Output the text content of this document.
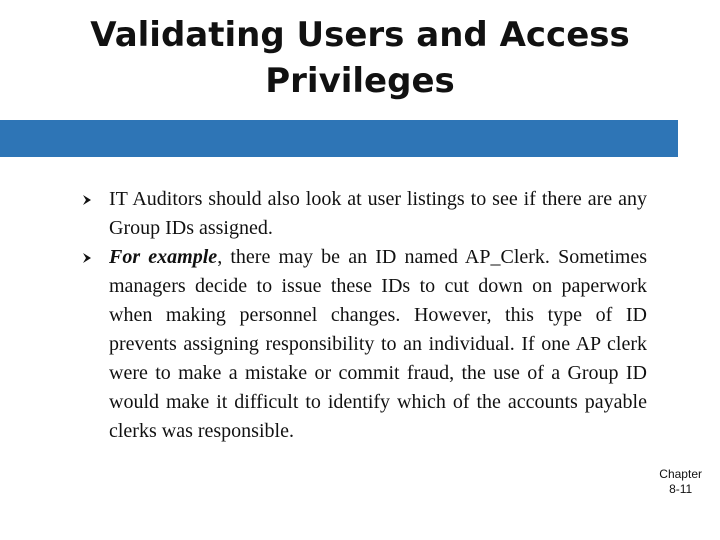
Validating Users and Access Privileges
IT Auditors should also look at user listings to see if there are any Group IDs assigned.
For example, there may be an ID named AP_Clerk. Sometimes managers decide to issue these IDs to cut down on paperwork when making personnel changes. However, this type of ID prevents assigning responsibility to an individual. If one AP clerk were to make a mistake or commit fraud, the use of a Group ID would make it difficult to identify which of the accounts payable clerks was responsible.
Chapter
8-11
